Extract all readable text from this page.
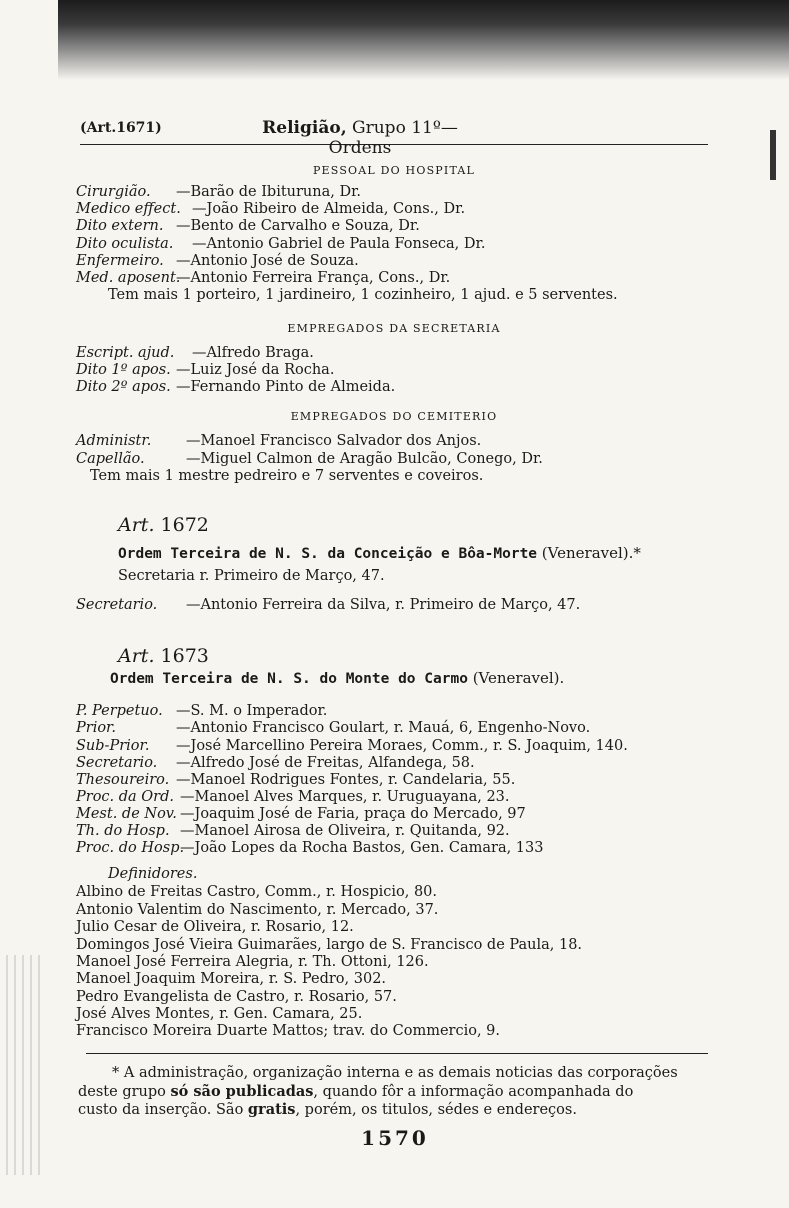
(Art.1671)	Religião, Grupo 11º—Ordens
PESSOAL DO HOSPITAL
Cirurgião. —Barão de Ibituruna, Dr.
Medico effect. —João Ribeiro de Almeida, Cons., Dr.
Dito extern. —Bento de Carvalho e Souza, Dr.
Dito oculista. —Antonio Gabriel de Paula Fonseca, Dr.
Enfermeiro. —Antonio José de Souza.
Med. aposent.—Antonio Ferreira França, Cons., Dr.
Tem mais 1 porteiro, 1 jardineiro, 1 cozinheiro, 1 ajud. e 5 serventes.
EMPREGADOS DA SECRETARIA
Escript. ajud. —Alfredo Braga.
Dito 1º apos. —Luiz José da Rocha.
Dito 2º apos. —Fernando Pinto de Almeida.
EMPREGADOS DO CEMITERIO
Administr. —Manoel Francisco Salvador dos Anjos.
Capellão.	—Miguel Calmon de Aragão Bulcão, Conego, Dr.
Tem mais 1 mestre pedreiro e 7 serventes e coveiros.
Art. 1672
Ordem Terceira de N. S. da Conceição e Bôa-Morte (Veneravel).*
Secretaria r. Primeiro de Março, 47.
Secretario. —Antonio Ferreira da Silva, r. Primeiro de Março, 47.
Art. 1673
Ordem Terceira de N. S. do Monte do Carmo (Veneravel).
P. Perpetuo. —S. M. o Imperador.
Prior.	—Antonio Francisco Goulart, r. Mauá, 6, Engenho-Novo.
Sub-Prior. —José Marcellino Pereira Moraes, Comm., r. S. Joaquim, 140.
Secretario. —Alfredo José de Freitas, Alfandega, 58.
Thesoureiro. —Manoel Rodrigues Fontes, r. Candelaria, 55.
Proc. da Ord. —Manoel Alves Marques, r. Uruguayana, 23.
Mest. de Nov. —Joaquim José de Faria, praça do Mercado, 97
Th. do Hosp. —Manoel Airosa de Oliveira, r. Quitanda, 92.
Proc. do Hosp.—João Lopes da Rocha Bastos, Gen. Camara, 133
Definidores.
Albino de Freitas Castro, Comm., r. Hospicio, 80.
Antonio Valentim do Nascimento, r. Mercado, 37.
Julio Cesar de Oliveira, r. Rosario, 12.
Domingos José Vieira Guimarães, largo de S. Francisco de Paula, 18.
Manoel José Ferreira Alegria, r. Th. Ottoni, 126.
Manoel Joaquim Moreira, r. S. Pedro, 302.
Pedro Evangelista de Castro, r. Rosario, 57.
José Alves Montes, r. Gen. Camara, 25.
Francisco Moreira Duarte Mattos; trav. do Commercio, 9.
* A administração, organização interna e as demais noticias das corporações
deste grupo só são publicadas, quando fôr a informação acompanhada do
custo da inserção. São gratis, porém, os titulos, sédes e endereços.
1570
